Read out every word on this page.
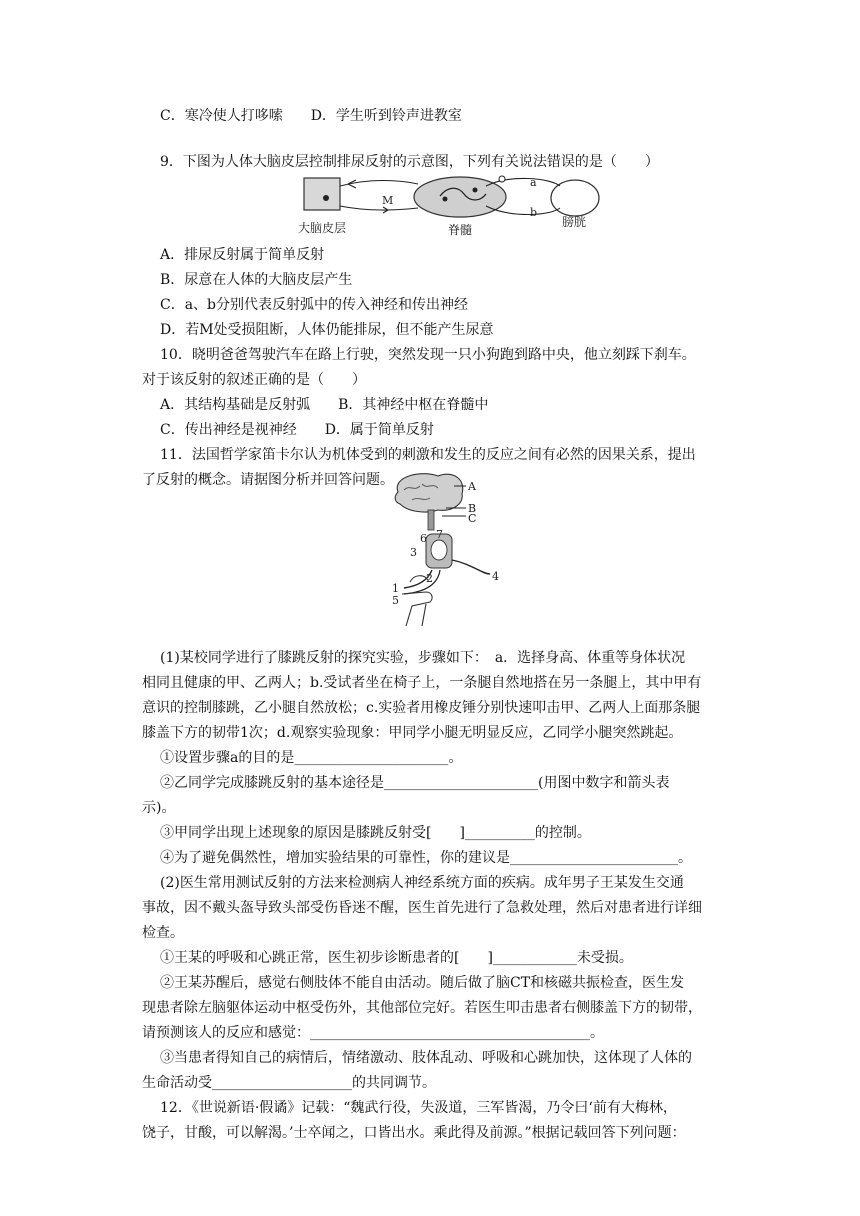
C．寒冷使人打哆嗦　　D．学生听到铃声进教室
9．下图为人体大脑皮层控制排尿反射的示意图，下列有关说法错误的是（　　）
大脑皮层
M
脊髓
a
b
膀胱
A．排尿反射属于简单反射
B．尿意在人体的大脑皮层产生
C．a、b分别代表反射弧中的传入神经和传出神经
D．若M处受损阻断，人体仍能排尿，但不能产生尿意
10．晓明爸爸驾驶汽车在路上行驶，突然发现一只小狗跑到路中央，他立刻踩下刹车。
对于该反射的叙述正确的是（　　）
A．其结构基础是反射弧　　B．其神经中枢在脊髓中
C．传出神经是视神经　　D．属于简单反射
11．法国哲学家笛卡尔认为机体受到的刺激和发生的反应之间有必然的因果关系，提出
了反射的概念。请据图分析并回答问题。	A
B
C
6 7
3
4
2
1
5
(1)某校同学进行了膝跳反射的探究实验，步骤如下：　a．选择身高、体重等身体状况
相同且健康的甲、乙两人；b.受试者坐在椅子上，一条腿自然地搭在另一条腿上，其中甲有
意识的控制膝跳，乙小腿自然放松；c.实验者用橡皮锤分别快速叩击甲、乙两人上面那条腿
膝盖下方的韧带1次；d.观察实验现象：甲同学小腿无明显反应，乙同学小腿突然跳起。
①设置步骤a的目的是______________________。
②乙同学完成膝跳反射的基本途径是______________________(用图中数字和箭头表
示)。
③甲同学出现上述现象的原因是膝跳反射受[　　]__________的控制。
④为了避免偶然性，增加实验结果的可靠性，你的建议是________________________。
(2)医生常用测试反射的方法来检测病人神经系统方面的疾病。成年男子王某发生交通
事故，因不戴头盔导致头部受伤昏迷不醒，医生首先进行了急救处理，然后对患者进行详细
检查。
①王某的呼吸和心跳正常，医生初步诊断患者的[　　]____________未受损。
②王某苏醒后，感觉右侧肢体不能自由活动。随后做了脑CT和核磁共振检查，医生发
现患者除左脑躯体运动中枢受伤外，其他部位完好。若医生叩击患者右侧膝盖下方的韧带，
请预测该人的反应和感觉：________________________________________。
③当患者得知自己的病情后，情绪激动、肢体乱动、呼吸和心跳加快，这体现了人体的
生命活动受____________________的共同调节。
12．《世说新语·假谲》记载：“魏武行役，失汲道，三军皆渴，乃令曰‘前有大梅林，
饶子，甘酸，可以解渴。’士卒闻之，口皆出水。乘此得及前源。”根据记载回答下列问题：
